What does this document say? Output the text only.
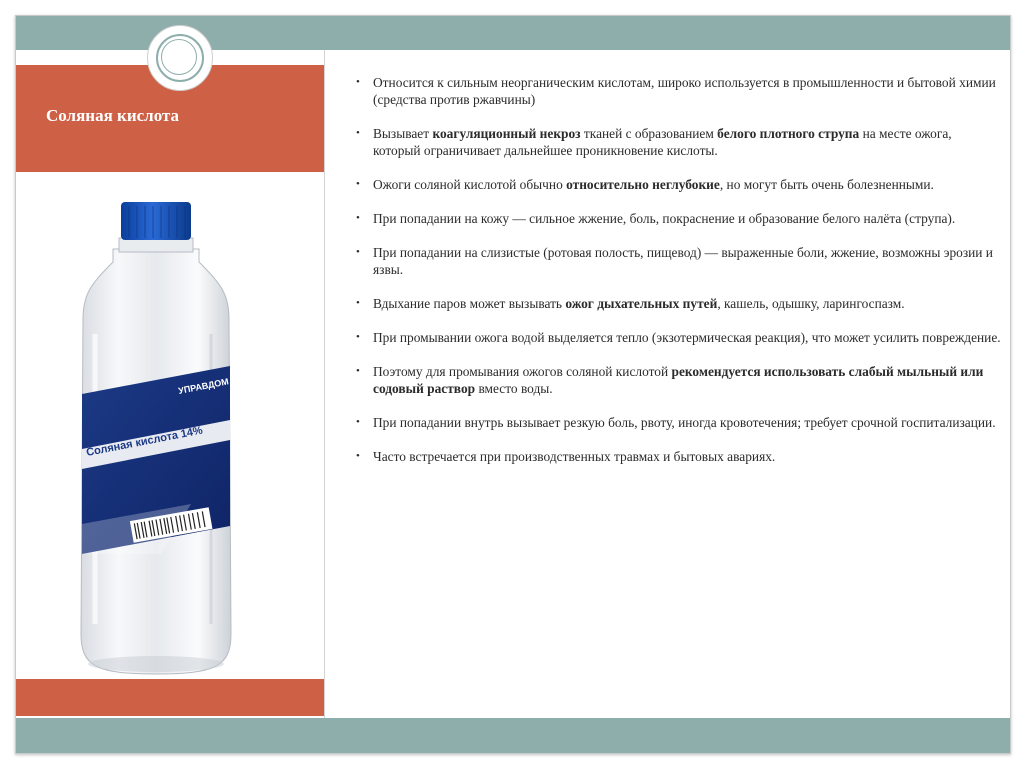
Соляная кислота
УПРАВДОМ
Соляная кислота 14%
• Относится к сильным неорганическим кислотам, широко используется в промышленности и бытовой химии (средства против ржавчины)
• Вызывает коагуляционный некроз тканей с образованием белого плотного струпа на месте ожога, который ограничивает дальнейшее проникновение кислоты.
• Ожоги соляной кислотой обычно относительно неглубокие, но могут быть очень болезненными.
• При попадании на кожу — сильное жжение, боль, покраснение и образование белого налёта (струпа).
• При попадании на слизистые (ротовая полость, пищевод) — выраженные боли, жжение, возможны эрозии и язвы.
• Вдыхание паров может вызывать ожог дыхательных путей, кашель, одышку, ларингоспазм.
• При промывании ожога водой выделяется тепло (экзотермическая реакция), что может усилить повреждение.
• Поэтому для промывания ожогов соляной кислотой рекомендуется использовать слабый мыльный или содовый раствор вместо воды.
• При попадании внутрь вызывает резкую боль, рвоту, иногда кровотечения; требует срочной госпитализации.
• Часто встречается при производственных травмах и бытовых авариях.
